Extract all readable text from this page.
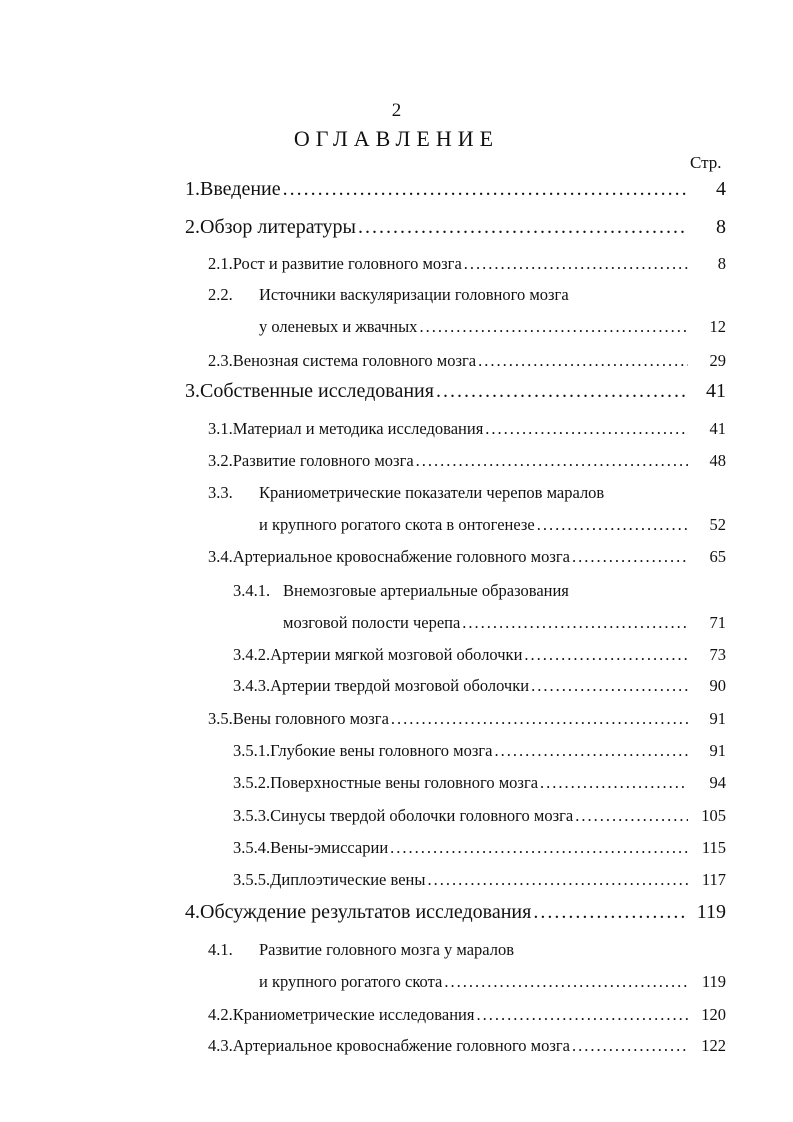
2
ОГЛАВЛЕНИЕ
Стр.
1. Введение .....	4
2. Обзор литературы .....	8
2.1. Рост и развитие головного мозга .....	8
2.2.	Источники васкуляризации головного мозга
у оленевых и жвачных .....	12
2.3. Венозная система головного мозга .....	29
3. Собственные исследования .....	41
3.1. Материал и методика исследования .....	41
3.2. Развитие головного мозга .....	48
3.3.	Краниометрические показатели черепов маралов
и крупного рогатого скота в онтогенезе .....	52
3.4. Артериальное кровоснабжение головного мозга .....	65
3.4.1. Внемозговые артериальные образования
мозговой полости черепа .....	71
3.4.2. Артерии мягкой мозговой оболочки .....	73
3.4.3. Артерии твердой мозговой оболочки .....	90
3.5. Вены головного мозга .....	91
3.5.1. Глубокие вены головного мозга .....	91
3.5.2. Поверхностные вены головного мозга .....	94
3.5.3. Синусы твердой оболочки головного мозга .....	105
3.5.4. Вены-эмиссарии .....	115
3.5.5. Диплоэтические вены .....	117
4. Обсуждение результатов исследования .....	119
4.1.	Развитие головного мозга у маралов
и крупного рогатого скота .....	119
4.2. Краниометрические исследования .....	120
4.3. Артериальное кровоснабжение головного мозга .....	122
